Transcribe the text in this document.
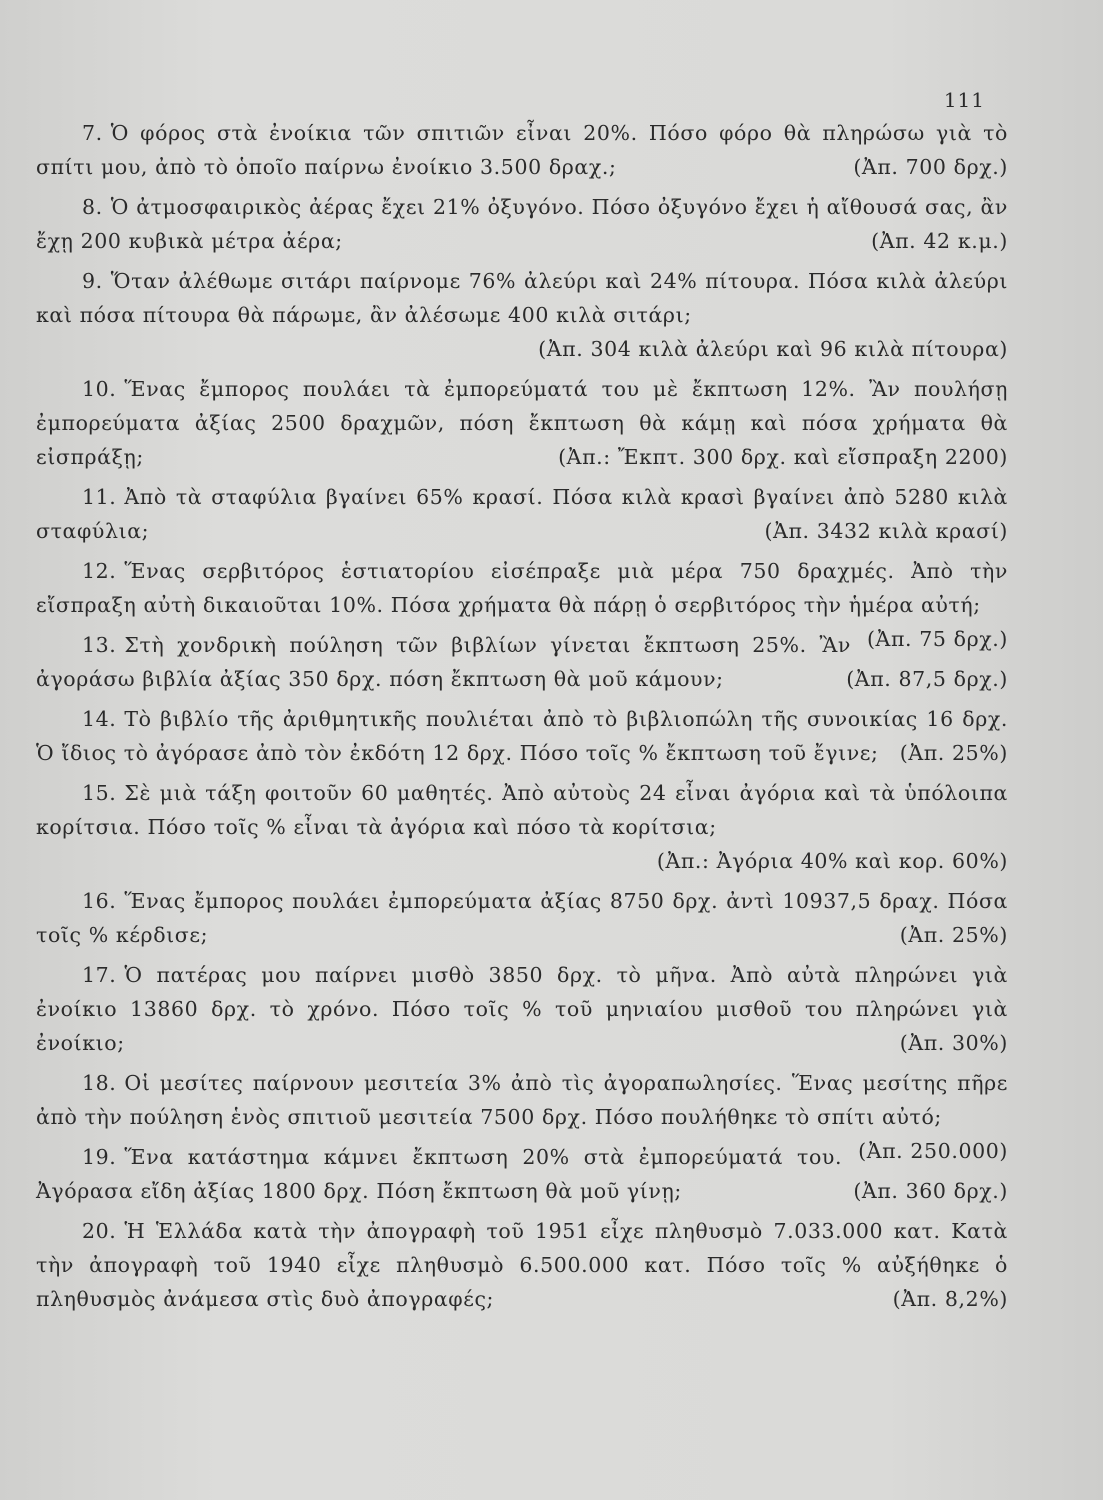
111
7. Ὁ φόρος στὰ ἐνοίκια τῶν σπιτιῶν εἶναι 20%. Πόσο φόρο θὰ πληρώσω γιὰ τὸ σπίτι μου, ἀπὸ τὸ ὁποῖο παίρνω ἐνοίκιο 3.500 δραχ.;	(Ἀπ. 700 δρχ.)
8. Ὁ ἀτμοσφαιρικὸς ἀέρας ἔχει 21% ὀξυγόνο. Πόσο ὀξυγόνο ἔχει ἡ αἴθουσά σας, ἂν ἔχῃ 200 κυβικὰ μέτρα ἀέρα;	(Ἀπ. 42 κ.μ.)
9. Ὅταν ἀλέθωμε σιτάρι παίρνομε 76% ἀλεύρι καὶ 24% πίτουρα. Πόσα κιλὰ ἀλεύρι καὶ πόσα πίτουρα θὰ πάρωμε, ἂν ἀλέσωμε 400 κιλὰ σιτάρι;
(Ἀπ. 304 κιλὰ ἀλεύρι καὶ 96 κιλὰ πίτουρα)
10. Ἕνας ἔμπορος πουλάει τὰ ἐμπορεύματά του μὲ ἔκπτωση 12%. Ἂν πουλήσῃ ἐμπορεύματα ἀξίας 2500 δραχμῶν, πόση ἔκπτωση θὰ κάμῃ καὶ πόσα χρήματα θὰ εἰσπράξῃ;	(Ἀπ.: Ἔκπτ. 300 δρχ. καὶ εἴσπραξη 2200)
11. Ἀπὸ τὰ σταφύλια βγαίνει 65% κρασί. Πόσα κιλὰ κρασὶ βγαίνει ἀπὸ 5280 κιλὰ σταφύλια;	(Ἀπ. 3432 κιλὰ κρασί)
12. Ἕνας σερβιτόρος ἑστιατορίου εἰσέπραξε μιὰ μέρα 750 δραχμές. Ἀπὸ τὴν εἴσπραξη αὐτὴ δικαιοῦται 10%. Πόσα χρήματα θὰ πάρῃ ὁ σερβιτόρος τὴν ἡμέρα αὐτή;
(Ἀπ. 75 δρχ.)
13. Στὴ χονδρικὴ πούληση τῶν βιβλίων γίνεται ἔκπτωση 25%. Ἂν ἀγοράσω βιβλία ἀξίας 350 δρχ. πόση ἔκπτωση θὰ μοῦ κάμουν;	(Ἀπ. 87,5 δρχ.)
14. Τὸ βιβλίο τῆς ἀριθμητικῆς πουλιέται ἀπὸ τὸ βιβλιοπώλη τῆς συνοικίας 16 δρχ. Ὁ ἴδιος τὸ ἀγόρασε ἀπὸ τὸν ἐκδότη 12 δρχ. Πόσο τοῖς % ἔκπτωση τοῦ ἔγινε; (Ἀπ. 25%)
15. Σὲ μιὰ τάξη φοιτοῦν 60 μαθητές. Ἀπὸ αὐτοὺς 24 εἶναι ἀγόρια καὶ τὰ ὑπόλοιπα κορίτσια. Πόσο τοῖς % εἶναι τὰ ἀγόρια καὶ πόσο τὰ κορίτσια;
(Ἀπ.: Ἀγόρια 40% καὶ κορ. 60%)
16. Ἕνας ἔμπορος πουλάει ἐμπορεύματα ἀξίας 8750 δρχ. ἀντὶ 10937,5 δραχ. Πόσα τοῖς % κέρδισε;	(Ἀπ. 25%)
17. Ὁ πατέρας μου παίρνει μισθὸ 3850 δρχ. τὸ μῆνα. Ἀπὸ αὐτὰ πληρώνει γιὰ ἐνοίκιο 13860 δρχ. τὸ χρόνο. Πόσο τοῖς % τοῦ μηνιαίου μισθοῦ του πληρώνει γιὰ ἐνοίκιο;	(Ἀπ. 30%)
18. Οἱ μεσίτες παίρνουν μεσιτεία 3% ἀπὸ τὶς ἀγοραπωλησίες. Ἕνας μεσίτης πῆρε ἀπὸ τὴν πούληση ἑνὸς σπιτιοῦ μεσιτεία 7500 δρχ. Πόσο πουλήθηκε τὸ σπίτι αὐτό;
(Ἀπ. 250.000)
19. Ἕνα κατάστημα κάμνει ἔκπτωση 20% στὰ ἐμπορεύματά του. Ἀγόρασα εἴδη ἀξίας 1800 δρχ. Πόση ἔκπτωση θὰ μοῦ γίνῃ;	(Ἀπ. 360 δρχ.)
20. Ἡ Ἑλλάδα κατὰ τὴν ἀπογραφὴ τοῦ 1951 εἶχε πληθυσμὸ 7.033.000 κατ. Κατὰ τὴν ἀπογραφὴ τοῦ 1940 εἶχε πληθυσμὸ 6.500.000 κατ. Πόσο τοῖς % αὐξήθηκε ὁ πληθυσμὸς ἀνάμεσα στὶς δυὸ ἀπογραφές;	(Ἀπ. 8,2%)
